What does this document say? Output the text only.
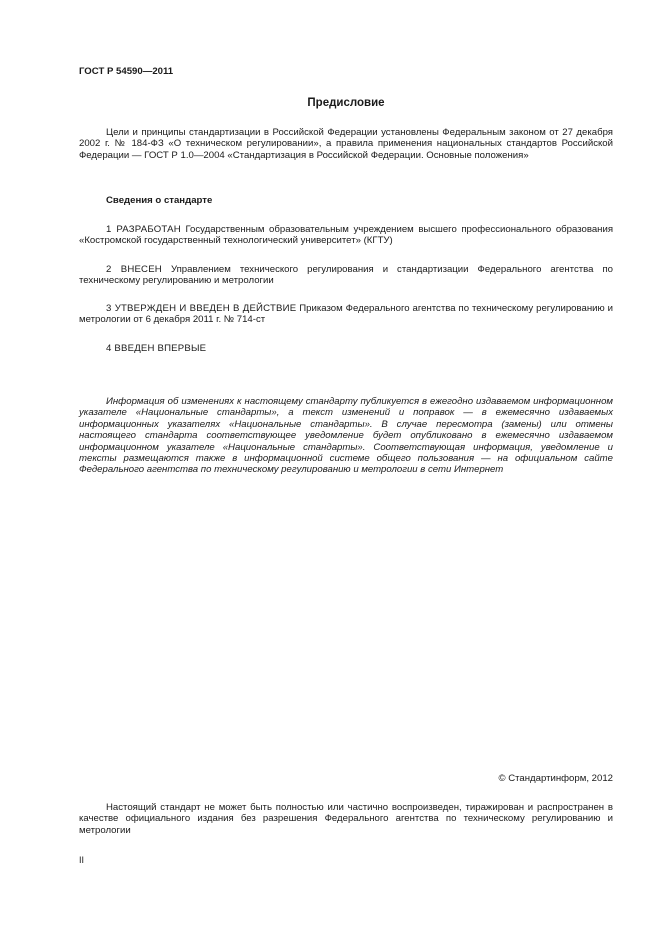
ГОСТ Р 54590—2011
Предисловие

Цели и принципы стандартизации в Российской Федерации установлены Федеральным законом от 27 декабря 2002 г. № 184-ФЗ «О техническом регулировании», а правила применения национальных стандартов Российской Федерации — ГОСТ Р 1.0—2004 «Стандартизация в Российской Федерации. Основные положения»

Сведения о стандарте

1 РАЗРАБОТАН Государственным образовательным учреждением высшего профессионального образования «Костромской государственный технологический университет» (КГТУ)

2 ВНЕСЕН Управлением технического регулирования и стандартизации Федерального агентства по техническому регулированию и метрологии

3 УТВЕРЖДЕН И ВВЕДЕН В ДЕЙСТВИЕ Приказом Федерального агентства по техническому регулированию и метрологии от 6 декабря 2011 г. № 714-ст

4 ВВЕДЕН ВПЕРВЫЕ

Информация об изменениях к настоящему стандарту публикуется в ежегодно издаваемом информационном указателе «Национальные стандарты», а текст изменений и поправок — в ежемесячно издаваемых информационных указателях «Национальные стандарты». В случае пересмотра (замены) или отмены настоящего стандарта соответствующее уведомление будет опубликовано в ежемесячно издаваемом информационном указателе «Национальные стандарты». Соответствующая информация, уведомление и тексты размещаются также в информационной системе общего пользования — на официальном сайте Федерального агентства по техническому регулированию и метрологии в сети Интернет

© Стандартинформ, 2012

Настоящий стандарт не может быть полностью или частично воспроизведен, тиражирован и распространен в качестве официального издания без разрешения Федерального агентства по техническому регулированию и метрологии

II
